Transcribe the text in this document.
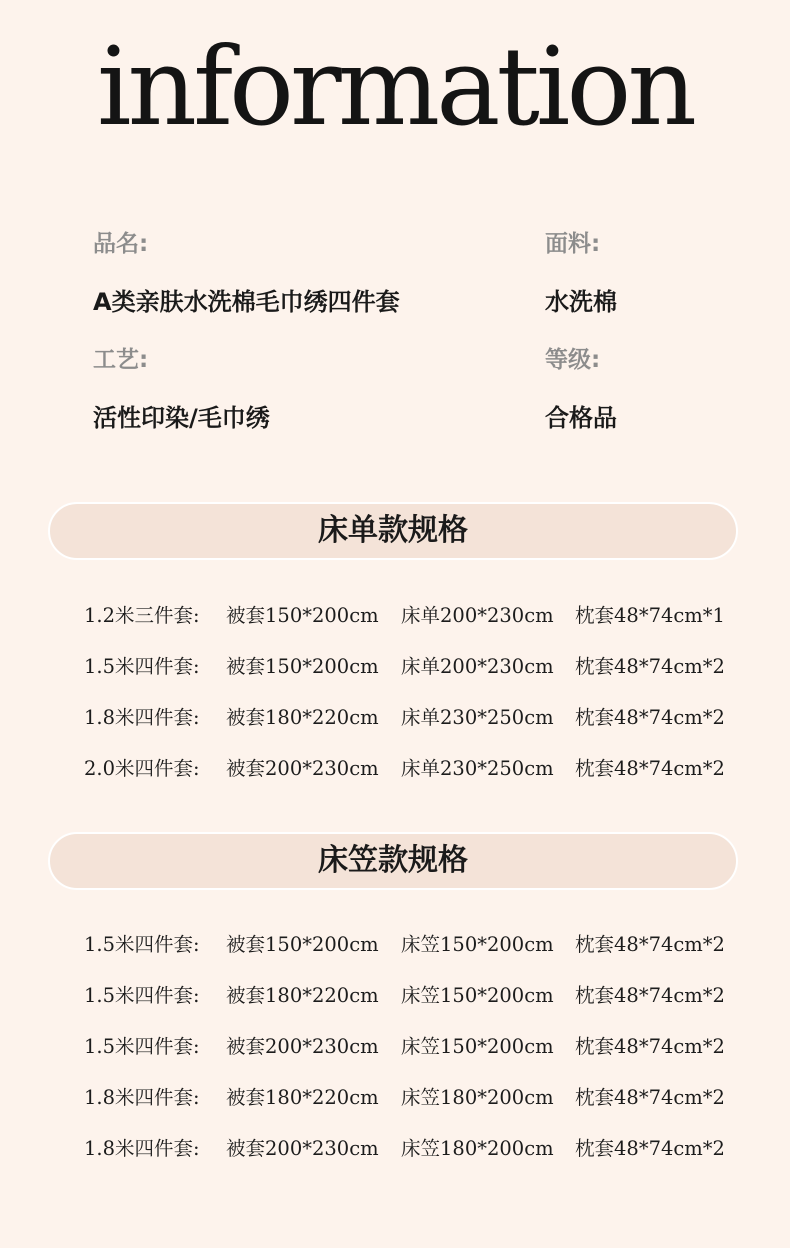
information
品名:	面料:
A类亲肤水洗棉毛巾绣四件套	水洗棉
工艺:	等级:
活性印染/毛巾绣	合格品
床单款规格
1.2米三件套:	被套150*200cm	床单200*230cm	枕套48*74cm*1
1.5米四件套:	被套150*200cm	床单200*230cm	枕套48*74cm*2
1.8米四件套:	被套180*220cm	床单230*250cm	枕套48*74cm*2
2.0米四件套:	被套200*230cm	床单230*250cm	枕套48*74cm*2
床笠款规格
1.5米四件套:	被套150*200cm	床笠150*200cm	枕套48*74cm*2
1.5米四件套:	被套180*220cm	床笠150*200cm	枕套48*74cm*2
1.5米四件套:	被套200*230cm	床笠150*200cm	枕套48*74cm*2
1.8米四件套:	被套180*220cm	床笠180*200cm	枕套48*74cm*2
1.8米四件套:	被套200*230cm	床笠180*200cm	枕套48*74cm*2
